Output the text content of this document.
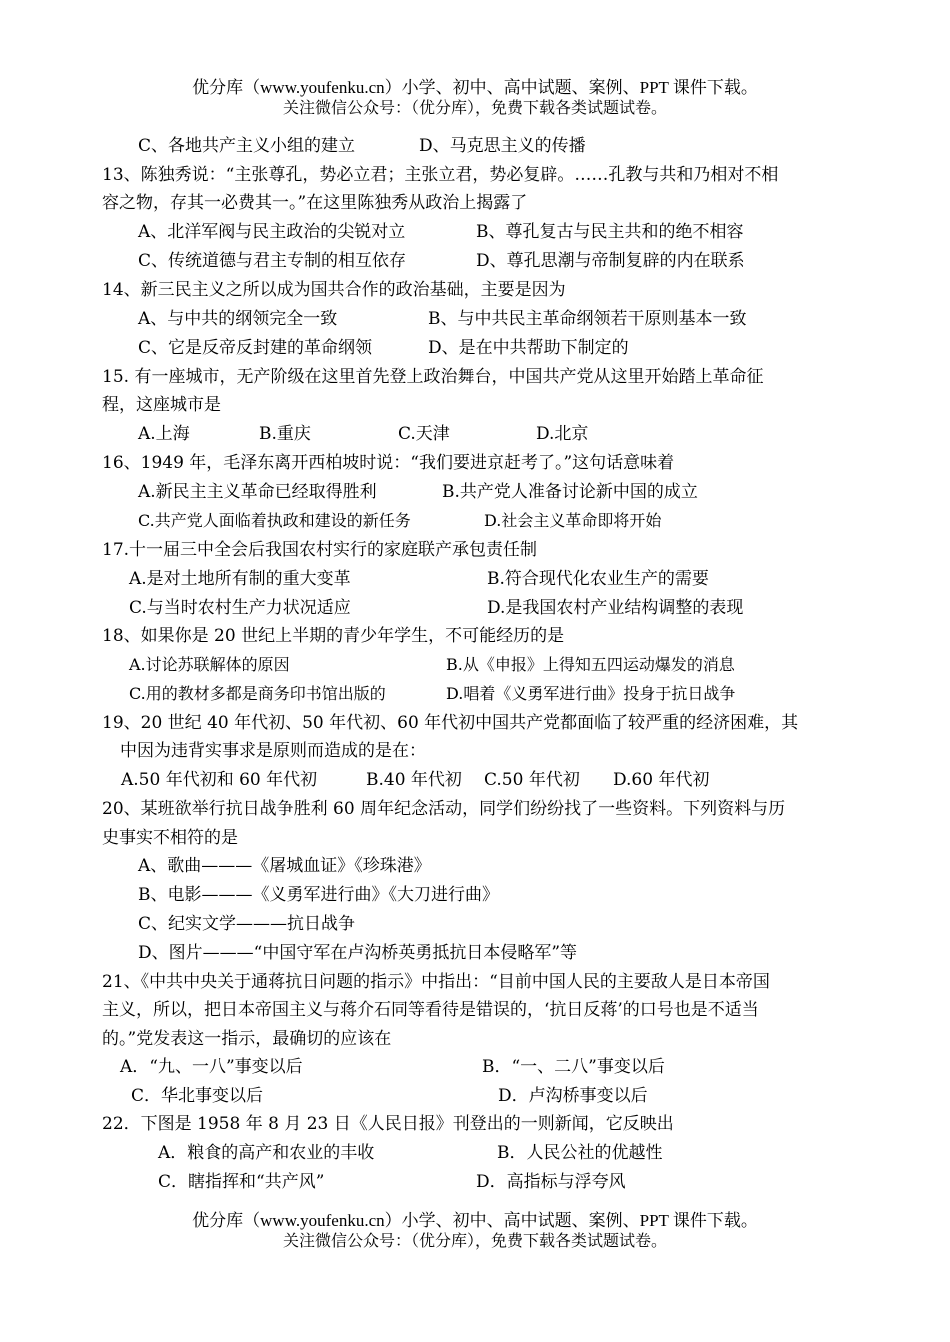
优分库（www.youfenku.cn）小学、初中、高中试题、案例、PPT 课件下载。
关注微信公众号：（优分库），免费下载各类试题试卷。
C、各地共产主义小组的建立	D、马克思主义的传播
13、陈独秀说：“主张尊孔，势必立君；主张立君，势必复辟。……孔教与共和乃相对不相
容之物，存其一必费其一。”在这里陈独秀从政治上揭露了
A、北洋军阀与民主政治的尖锐对立	B、尊孔复古与民主共和的绝不相容
C、传统道德与君主专制的相互依存	D、尊孔思潮与帝制复辟的内在联系
14、新三民主义之所以成为国共合作的政治基础，主要是因为
A、与中共的纲领完全一致	B、与中共民主革命纲领若干原则基本一致
C、它是反帝反封建的革命纲领	D、是在中共帮助下制定的
15. 有一座城市，无产阶级在这里首先登上政治舞台，中国共产党从这里开始踏上革命征
程，这座城市是
A.上海	B.重庆	C.天津	D.北京
16、1949 年，毛泽东离开西柏坡时说：“我们要进京赶考了。”这句话意味着
A.新民主主义革命已经取得胜利	B.共产党人准备讨论新中国的成立
C.共产党人面临着执政和建设的新任务	D.社会主义革命即将开始
17.十一届三中全会后我国农村实行的家庭联产承包责任制
A.是对土地所有制的重大变革	B.符合现代化农业生产的需要
C.与当时农村生产力状况适应	D.是我国农村产业结构调整的表现
18、如果你是 20 世纪上半期的青少年学生，不可能经历的是
A.讨论苏联解体的原因	B.从《申报》上得知五四运动爆发的消息
C.用的教材多都是商务印书馆出版的	D.唱着《义勇军进行曲》投身于抗日战争
19、20 世纪 40 年代初、50 年代初、60 年代初中国共产党都面临了较严重的经济困难，其
中因为违背实事求是原则而造成的是在：
A.50 年代初和 60 年代初	B.40 年代初 C.50 年代初 D.60 年代初
20、某班欲举行抗日战争胜利 60 周年纪念活动，同学们纷纷找了一些资料。下列资料与历
史事实不相符的是
A、歌曲———《屠城血证》《珍珠港》
B、电影———《义勇军进行曲》《大刀进行曲》
C、纪实文学———抗日战争
D、图片———“中国守军在卢沟桥英勇抵抗日本侵略军”等
21、《中共中央关于通蒋抗日问题的指示》中指出：“目前中国人民的主要敌人是日本帝国
主义，所以，把日本帝国主义与蒋介石同等看待是错误的，‘抗日反蒋’的口号也是不适当
的。”党发表这一指示，最确切的应该在
A．“九、一八”事变以后	B．“一、二八”事变以后
C．华北事变以后	D．卢沟桥事变以后
22．下图是 1958 年 8 月 23 日《人民日报》刊登出的一则新闻，它反映出
A．粮食的高产和农业的丰收	B．人民公社的优越性
C．瞎指挥和“共产风”	D．高指标与浮夸风
优分库（www.youfenku.cn）小学、初中、高中试题、案例、PPT 课件下载。
关注微信公众号：（优分库），免费下载各类试题试卷。
